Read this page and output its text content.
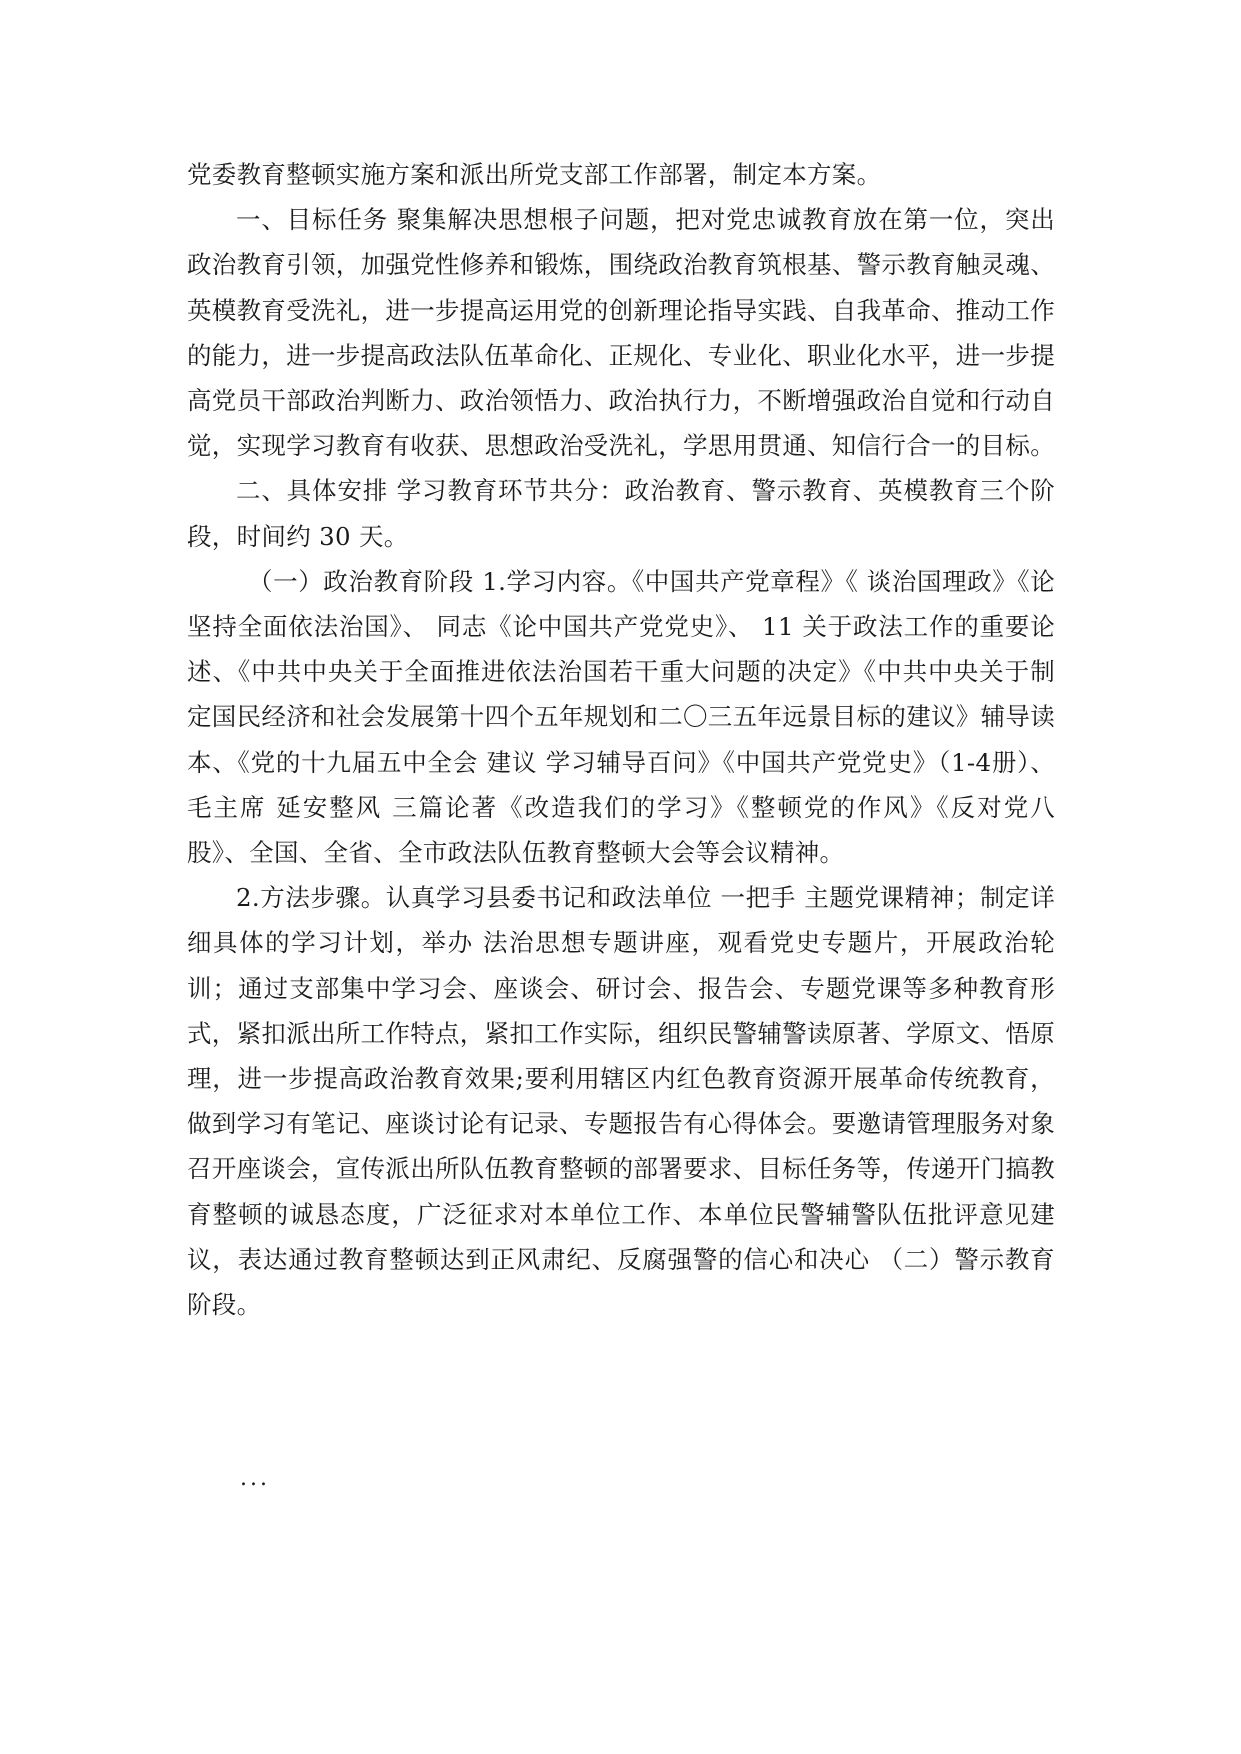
党委教育整顿实施方案和派出所党支部工作部署，制定本方案。

一、目标任务 聚集解决思想根子问题，把对党忠诚教育放在第一位，突出政治教育引领，加强党性修养和锻炼，围绕政治教育筑根基、警示教育触灵魂、英模教育受洗礼，进一步提高运用党的创新理论指导实践、自我革命、推动工作的能力，进一步提高政法队伍革命化、正规化、专业化、职业化水平，进一步提高党员干部政治判断力、政治领悟力、政治执行力，不断增强政治自觉和行动自觉，实现学习教育有收获、思想政治受洗礼，学思用贯通、知信行合一的目标。

二、具体安排 学习教育环节共分：政治教育、警示教育、英模教育三个阶段，时间约 30 天。

（一）政治教育阶段 1.学习内容。《中国共产党章程》《 谈治国理政》《论坚持全面依法治国》、 同志《论中国共产党党史》、 11 关于政法工作的重要论述、《中共中央关于全面推进依法治国若干重大问题的决定》《中共中央关于制定国民经济和社会发展第十四个五年规划和二〇三五年远景目标的建议》辅导读本、《党的十九届五中全会 建议 学习辅导百问》《中国共产党党史》（1-4册）、毛主席 延安整风 三篇论著《改造我们的学习》《整顿党的作风》《反对党八股》、全国、全省、全市政法队伍教育整顿大会等会议精神。

2.方法步骤。认真学习县委书记和政法单位 一把手 主题党课精神；制定详细具体的学习计划，举办 法治思想专题讲座，观看党史专题片，开展政治轮训；通过支部集中学习会、座谈会、研讨会、报告会、专题党课等多种教育形式，紧扣派出所工作特点，紧扣工作实际，组织民警辅警读原著、学原文、悟原理，进一步提高政治教育效果;要利用辖区内红色教育资源开展革命传统教育，做到学习有笔记、座谈讨论有记录、专题报告有心得体会。要邀请管理服务对象召开座谈会，宣传派出所队伍教育整顿的部署要求、目标任务等，传递开门搞教育整顿的诚恳态度，广泛征求对本单位工作、本单位民警辅警队伍批评意见建议，表达通过教育整顿达到正风肃纪、反腐强警的信心和决心 （二）警示教育阶段。

...
